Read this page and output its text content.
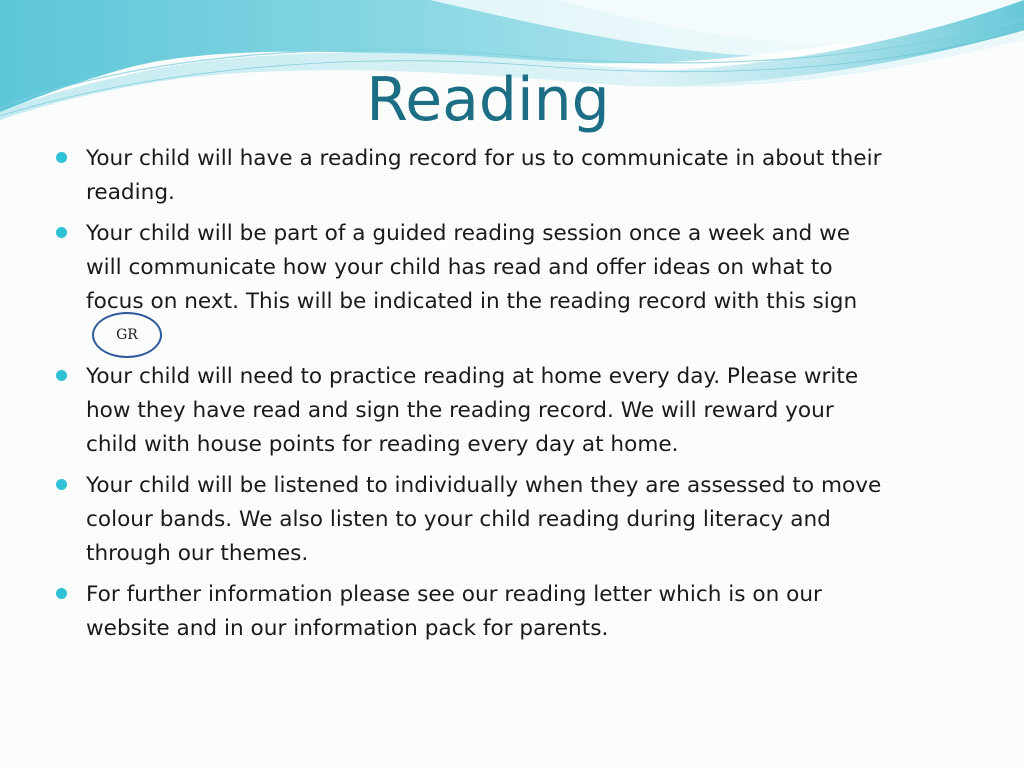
Reading
Your child will have a reading record for us to communicate in about their reading.
Your child will be part of a guided reading session once a week and we will communicate how your child has read and offer ideas on what to focus on next. This will be indicated in the reading record with this signGR
Your child will need to practice reading at home every day. Please write how they have read and sign the reading record. We will reward your child with house points for reading every day at home.
Your child will be listened to individually when they are assessed to move colour bands. We also listen to your child reading during literacy and through our themes.
For further information please see our reading letter which is on our website and in our information pack for parents.
